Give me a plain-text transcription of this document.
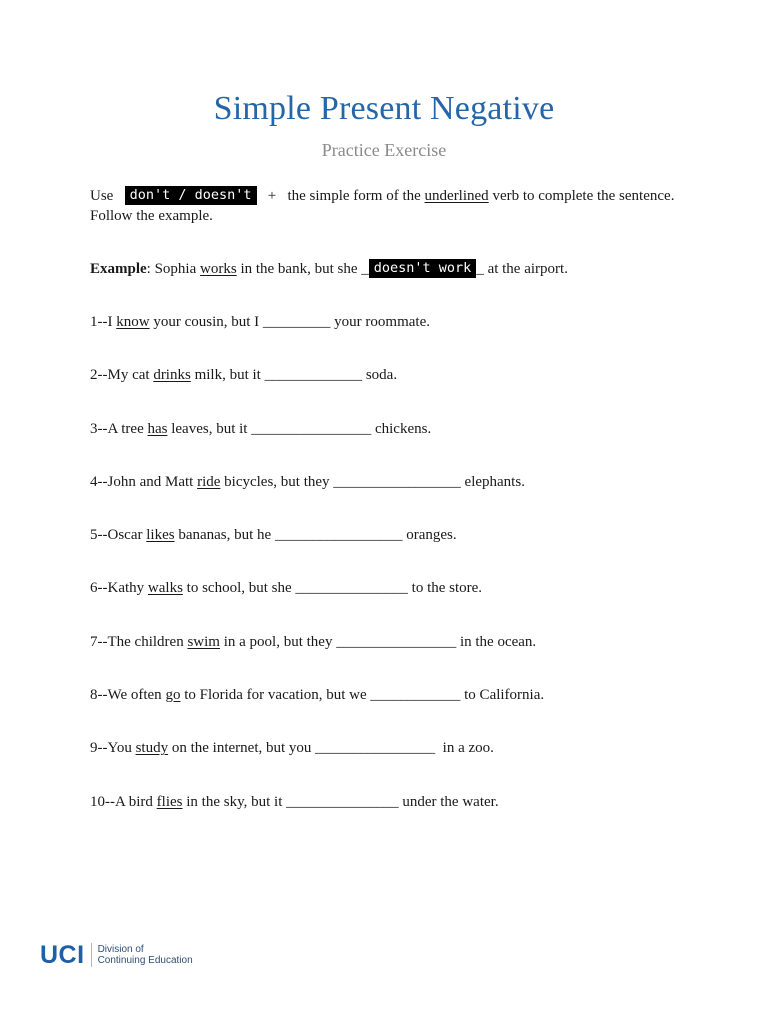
Simple Present Negative
Practice Exercise

Use don't / doesn't + the simple form of the underlined verb to complete the sentence. Follow the example.

Example: Sophia works in the bank, but she _ doesn't work _ at the airport.
1--I know your cousin, but I _________ your roommate.
2--My cat drinks milk, but it _____________ soda.
3--A tree has leaves, but it ________________ chickens.
4--John and Matt ride bicycles, but they _________________ elephants.
5--Oscar likes bananas, but he _________________ oranges.
6--Kathy walks to school, but she _______________ to the store.
7--The children swim in a pool, but they ________________ in the ocean.
8--We often go to Florida for vacation, but we ____________ to California.
9--You study on the internet, but you ________________  in a zoo.
10--A bird flies in the sky, but it _______________ under the water.
UCI Division of
Continuing Education
